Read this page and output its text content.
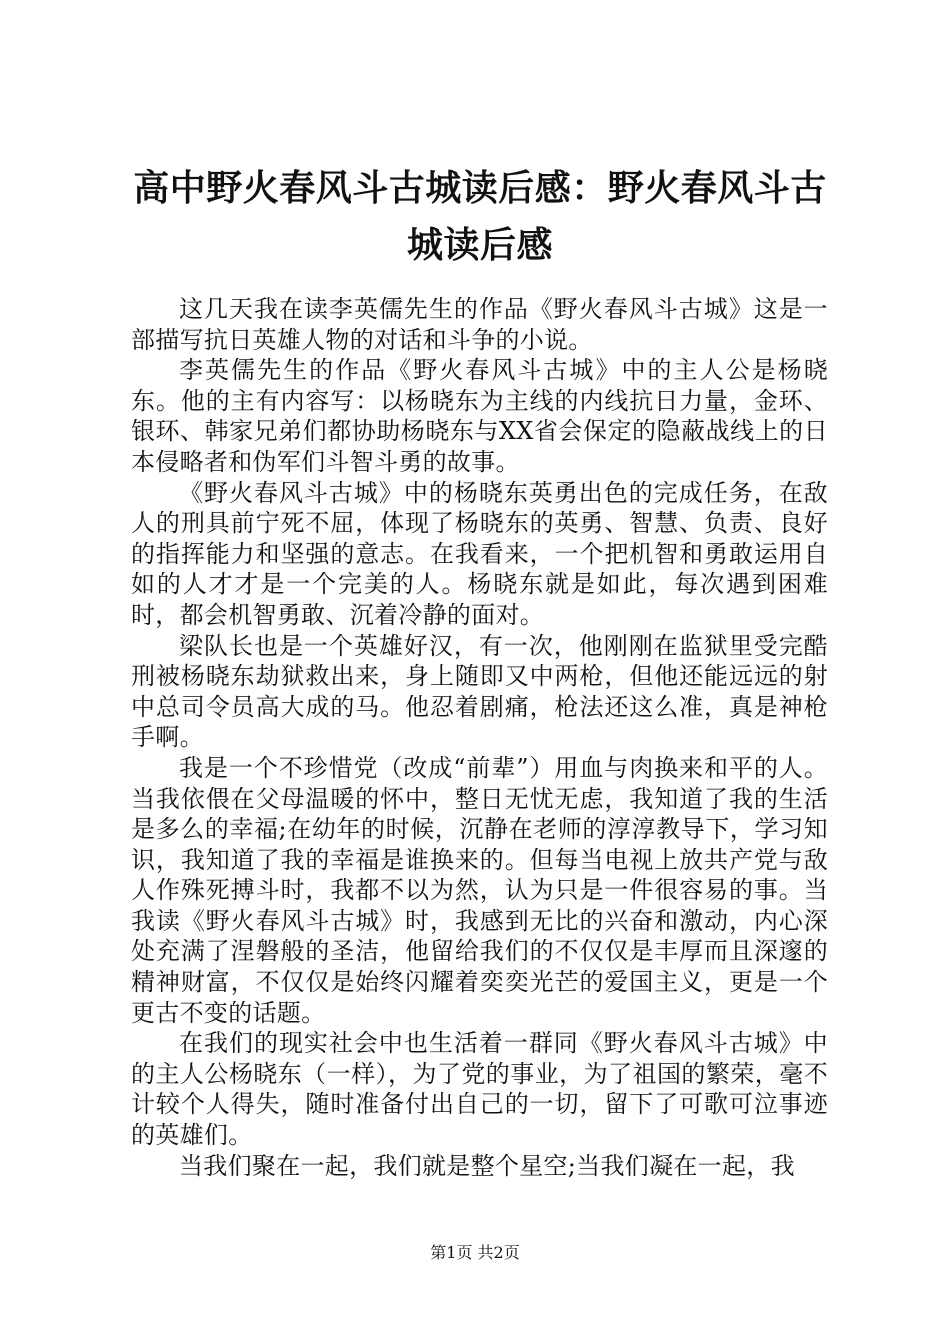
高中野火春风斗古城读后感：野火春风斗古城读后感

这几天我在读李英儒先生的作品《野火春风斗古城》这是一部描写抗日英雄人物的对话和斗争的小说。

李英儒先生的作品《野火春风斗古城》中的主人公是杨晓东。他的主有内容写：以杨晓东为主线的内线抗日力量，金环、银环、韩家兄弟们都协助杨晓东与XX省会保定的隐蔽战线上的日本侵略者和伪军们斗智斗勇的故事。

《野火春风斗古城》中的杨晓东英勇出色的完成任务，在敌人的刑具前宁死不屈，体现了杨晓东的英勇、智慧、负责、良好的指挥能力和坚强的意志。在我看来，一个把机智和勇敢运用自如的人才才是一个完美的人。杨晓东就是如此，每次遇到困难时，都会机智勇敢、沉着冷静的面对。

梁队长也是一个英雄好汉，有一次，他刚刚在监狱里受完酷刑被杨晓东劫狱救出来，身上随即又中两枪，但他还能远远的射中总司令员高大成的马。他忍着剧痛，枪法还这么准，真是神枪手啊。

我是一个不珍惜党（改成“前辈”）用血与肉换来和平的人。当我依偎在父母温暖的怀中，整日无忧无虑，我知道了我的生活是多么的幸福;在幼年的时候，沉静在老师的淳淳教导下，学习知识，我知道了我的幸福是谁换来的。但每当电视上放共产党与敌人作殊死搏斗时，我都不以为然，认为只是一件很容易的事。当我读《野火春风斗古城》时，我感到无比的兴奋和激动，内心深处充满了涅磐般的圣洁，他留给我们的不仅仅是丰厚而且深邃的精神财富，不仅仅是始终闪耀着奕奕光芒的爱国主义，更是一个更古不变的话题。

在我们的现实社会中也生活着一群同《野火春风斗古城》中的主人公杨晓东（一样），为了党的事业，为了祖国的繁荣，毫不计较个人得失，随时准备付出自己的一切，留下了可歌可泣事迹的英雄们。

当我们聚在一起，我们就是整个星空;当我们凝在一起，我

第1页 共2页
